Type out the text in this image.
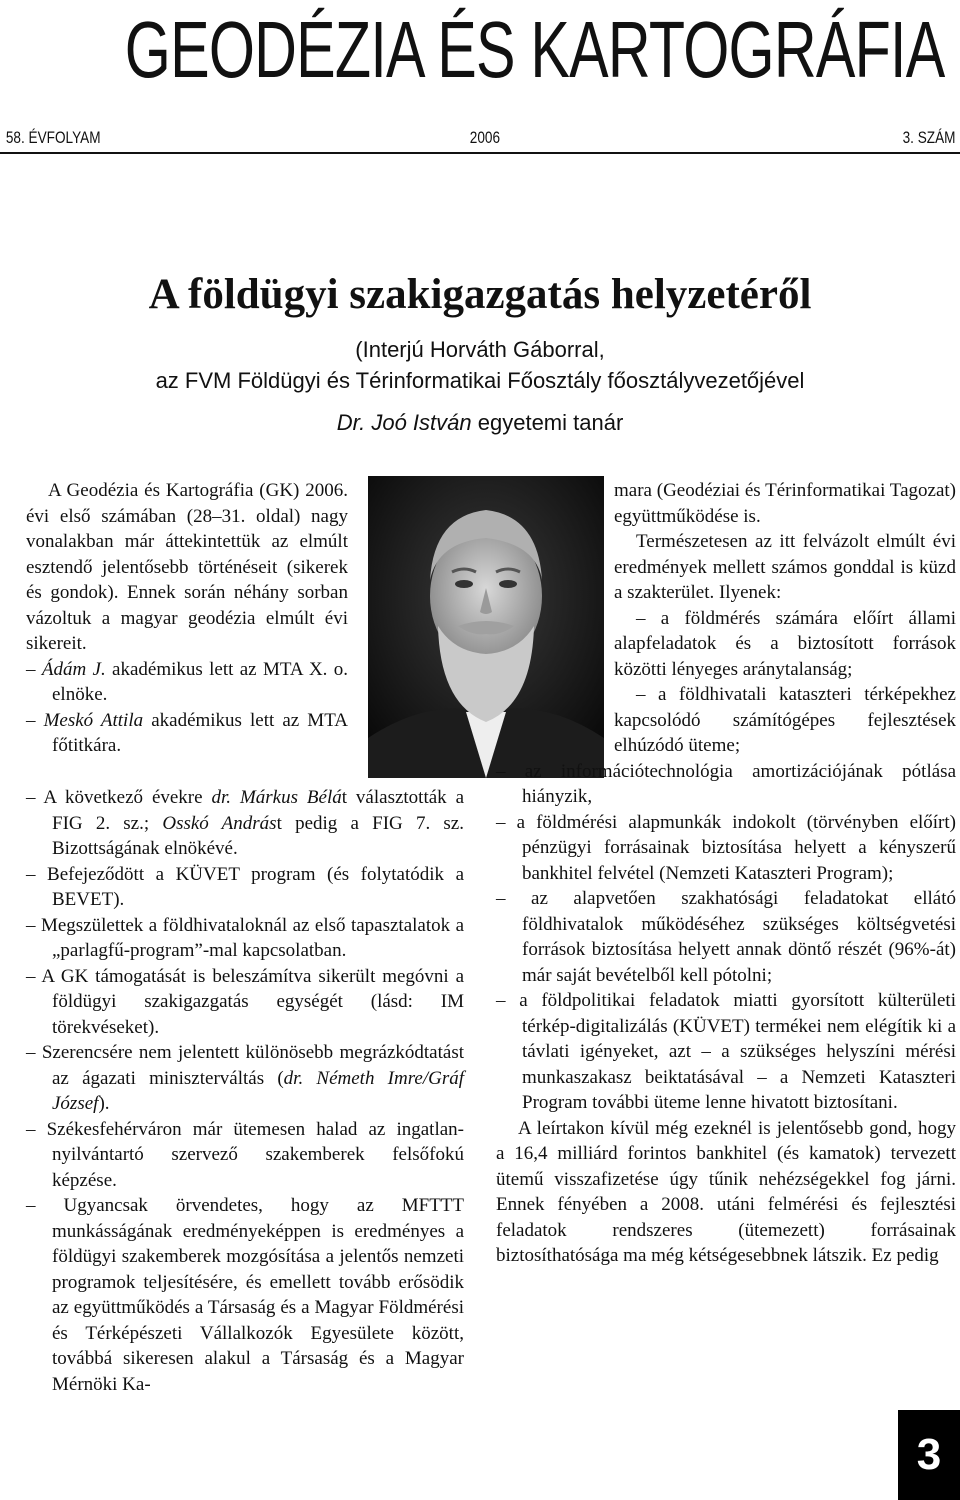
GEODÉZIA ÉS KARTOGRÁFIA
58. ÉVFOLYAM	2006	3. SZÁM
A földügyi szakigazgatás helyzetéről
(Interjú Horváth Gáborral,
az FVM Földügyi és Térinformatikai Főosztály főosztályvezetőjével
Dr. Joó István egyetemi tanár

A Geodézia és Kartográfia (GK) 2006. évi első számában (28–31. oldal) nagy vonalakban már áttekintettük az elmúlt esztendő jelentősebb történéseit (sikerek és gondok). Ennek során néhány sorban vázoltuk a magyar geodézia elmúlt évi sikereit.

– Ádám J. akadémikus lett az MTA X. o. elnöke.

– Meskó Attila akadémikus lett az MTA főtitkára.

– A következő évekre dr. Márkus Bélát választották a FIG 2. sz.; Osskó Andrást pedig a FIG 7. sz. Bizottságának elnökévé.

– Befejeződött a KÜVET program (és folytatódik a BEVET).

– Megszülettek a földhivataloknál az első tapasztalatok a „parlagfű-program”-mal kapcsolatban.

– A GK támogatását is beleszámítva sikerült megóvni a földügyi szakigazgatás egységét (lásd: IM törekvéseket).

– Szerencsére nem jelentett különösebb megrázkódtatást az ágazati miniszterváltás (dr. Németh Imre/Gráf József).

– Székesfehérváron már ütemesen halad az ingatlan-nyilvántartó szervező szakemberek felsőfokú képzése.

– Ugyancsak örvendetes, hogy az MFTTT munkásságának eredményeképpen is eredményes a földügyi szakemberek mozgósítása a jelentős nemzeti programok teljesítésére, és emellett tovább erősödik az együttműködés a Társaság és a Magyar Földmérési és Térképészeti Vállalkozók Egyesülete között, továbbá sikeresen alakul a Társaság és a Magyar Mérnöki Ka-

mara (Geodéziai és Térinformatikai Tagozat) együttműködése is.

Természetesen az itt felvázolt elmúlt évi eredmények mellett számos gonddal is küzd a szakterület. Ilyenek:

– a földmérés számára előírt állami alapfeladatok és a biztosított források közötti lényeges aránytalanság;

– a földhivatali kataszteri térképekhez kapcsolódó számítógépes fejlesztések elhúzódó üteme;

– az információtechnológia amortizációjának pótlása hiányzik,

– a földmérési alapmunkák indokolt (törvényben előírt) pénzügyi forrásainak biztosítása helyett a kényszerű bankhitel felvétel (Nemzeti Kataszteri Program);

– az alapvetően szakhatósági feladatokat ellátó földhivatalok működéséhez szükséges költségvetési források biztosítása helyett annak döntő részét (96%-át) már saját bevételből kell pótolni;

– a földpolitikai feladatok miatti gyorsított külterületi térkép-digitalizálás (KÜVET) termékei nem elégítik ki a távlati igényeket, azt – a szükséges helyszíni mérési munkaszakasz beiktatásával – a Nemzeti Kataszteri Program további üteme lenne hivatott biztosítani.

A leírtakon kívül még ezeknél is jelentősebb gond, hogy a 16,4 milliárd forintos bankhitel (és kamatok) tervezett ütemű visszafizetése úgy tűnik nehézségekkel fog járni. Ennek fényében a 2008. utáni felmérési és fejlesztési feladatok rendszeres (ütemezett) forrásainak biztosíthatósága ma még kétségesebbnek látszik. Ez pedig

3
